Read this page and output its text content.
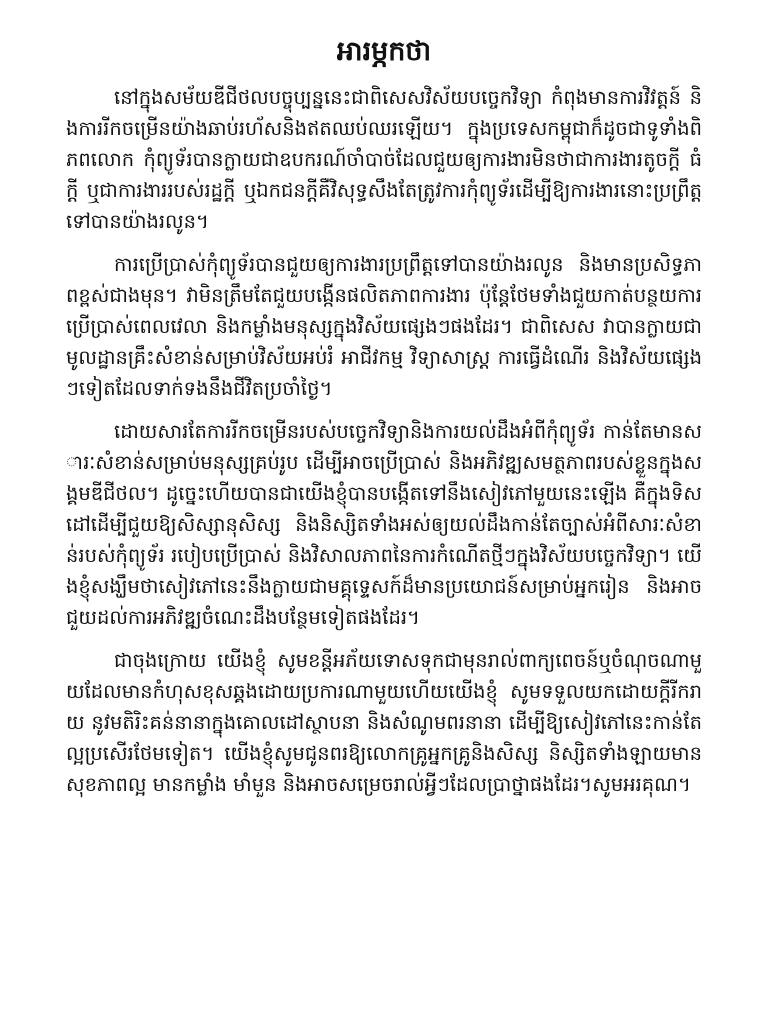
អារម្ភកថា

នៅក្នុងសម័យឌីជីថលបច្ចុប្បន្ននេះជាពិសេសវិស័យបច្ចេកវិទ្យា កំពុងមានការវិវត្តន៍ និងការរីកចម្រើនយ៉ាងឆាប់រហ័សនិងឥតឈប់ឈរឡើយ។ ក្នុងប្រទេសកម្ពុជាក៏ដូចជាទូទាំងពិភពលោក កុំព្យូទ័របានក្លាយជាឧបករណ៍ចាំបាច់ដែលជួយឲ្យការងារមិនថាជាការងារតូចក្តី ធំក្តី ឬជាការងាររបស់រដ្ឋក្តី ឬឯកជនក្តីគឺវិសុទ្ធសឹងតែត្រូវការកុំព្យូទ័រដើម្បីឱ្យការងារនោះប្រព្រឹត្តទៅបានយ៉ាងរលូន។

ការប្រើប្រាស់កុំព្យូទ័របានជួយឲ្យការងារប្រព្រឹត្តទៅបានយ៉ាងរលូន និងមានប្រសិទ្ធភាពខ្ពស់ជាងមុន។ វាមិនត្រឹមតែជួយបង្កើនផលិតភាពការងារ ប៉ុន្តែថែមទាំងជួយកាត់បន្ថយការប្រើប្រាស់ពេលវេលា និងកម្លាំងមនុស្សក្នុងវិស័យផ្សេងៗផងដែរ។ ជាពិសេស វាបានក្លាយជាមូលដ្ឋានគ្រឹះសំខាន់សម្រាប់វិស័យអប់រំ អាជីវកម្ម វិទ្យាសាស្ត្រ ការធ្វើដំណើរ និងវិស័យផ្សេងៗទៀតដែលទាក់ទងនឹងជីវិតប្រចាំថ្ងៃ។

ដោយសារតែការរីកចម្រើនរបស់បច្ចេកវិទ្យានិងការយល់ដឹងអំពីកុំព្យូទ័រ កាន់តែមានសារៈសំខាន់សម្រាប់មនុស្សគ្រប់រូប ដើម្បីអាចប្រើប្រាស់ និងអភិវឌ្ឍសមត្ថភាពរបស់ខ្លួនក្នុងសង្គមឌីជីថល។ ដូច្នេះហើយបានជាយើងខ្ញុំបានបង្កើតទៅនឹងសៀវភៅមួយនេះឡើង គឺក្នុងទិសដៅដើម្បីជួយឱ្យសិស្សានុសិស្ស និងនិស្សិតទាំងអស់ឲ្យយល់ដឹងកាន់តែច្បាស់អំពីសារៈសំខាន់របស់កុំព្យូទ័រ របៀបប្រើប្រាស់ និងវិសាលភាពនៃការកំណើតថ្មីៗក្នុងវិស័យបច្ចេកវិទ្យា។ យើងខ្ញុំសង្ឃឹមថាសៀវភៅនេះនឹងក្លាយជាមគ្គុទ្ទេសក៍ដ៏មានប្រយោជន៍សម្រាប់អ្នករៀន និងអាចជួយដល់ការអភិវឌ្ឍចំណេះដឹងបន្ថែមទៀតផងដែរ។

ជាចុងក្រោយ យើងខ្ញុំ សូមខន្តីអភ័យទោសទុកជាមុនរាល់ពាក្យពេចន៍ឬចំណុចណាមួយដែលមានកំហុសខុសឆ្គងដោយប្រការណាមួយហើយយើងខ្ញុំ សូមទទួលយកដោយក្តីរីករាយ នូវមតិរិះគន់នានាក្នុងគោលដៅស្ថាបនា និងសំណូមពរនានា ដើម្បីឱ្យសៀវភៅនេះកាន់តែល្អប្រសើរថែមទៀត។ យើងខ្ញុំសូមជូនពរឱ្យលោកគ្រូអ្នកគ្រូនិងសិស្ស និស្សិតទាំងឡាយមានសុខភាពល្អ មានកម្លាំង មាំមួន និងអាចសម្រេចរាល់អ្វីៗដែលប្រាថ្នាផងដែរ។សូមអរគុណ។
